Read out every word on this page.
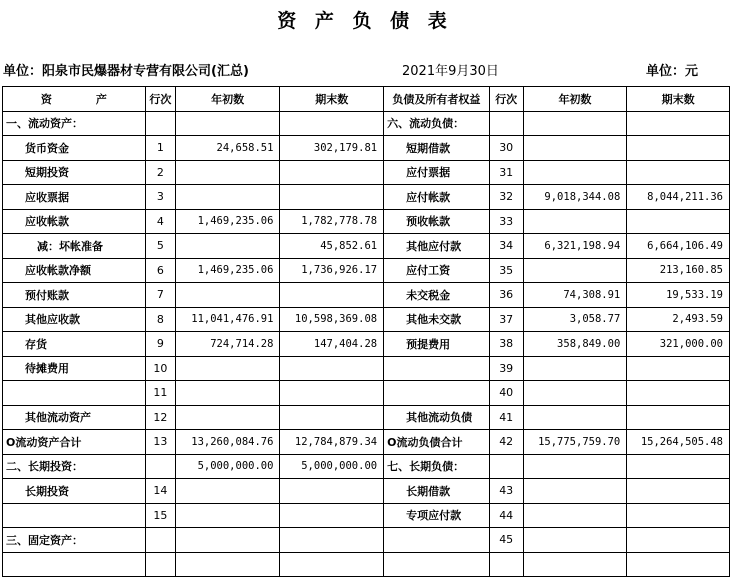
资 产 负 债 表
单位：阳泉市民爆器材专营有限公司(汇总)	2021年9月30日	单位：元
资　　　　产	行次	年初数	期末数	负债及所有者权益	行次	年初数	期末数
一、流动资产：				六、流动负债：			
货币资金	1	24,658.51	302,179.81	短期借款	30		
短期投资	2			应付票据	31		
应收票据	3			应付帐款	32	9,018,344.08	8,044,211.36
应收帐款	4	1,469,235.06	1,782,778.78	预收帐款	33		
减：坏帐准备	5		45,852.61	其他应付款	34	6,321,198.94	6,664,106.49
应收帐款净额	6	1,469,235.06	1,736,926.17	应付工资	35		213,160.85
预付账款	7			未交税金	36	74,308.91	19,533.19
其他应收款	8	11,041,476.91	10,598,369.08	其他未交款	37	3,058.77	2,493.59
存货	9	724,714.28	147,404.28	预提费用	38	358,849.00	321,000.00
待摊费用	10				39		
	11				40		
其他流动资产	12			其他流动负债	41		
O流动资产合计	13	13,260,084.76	12,784,879.34	O流动负债合计	42	15,775,759.70	15,264,505.48
二、长期投资：		5,000,000.00	5,000,000.00	七、长期负债：			
长期投资	14			长期借款	43		
	15			专项应付款	44		
三、固定资产：					45		
